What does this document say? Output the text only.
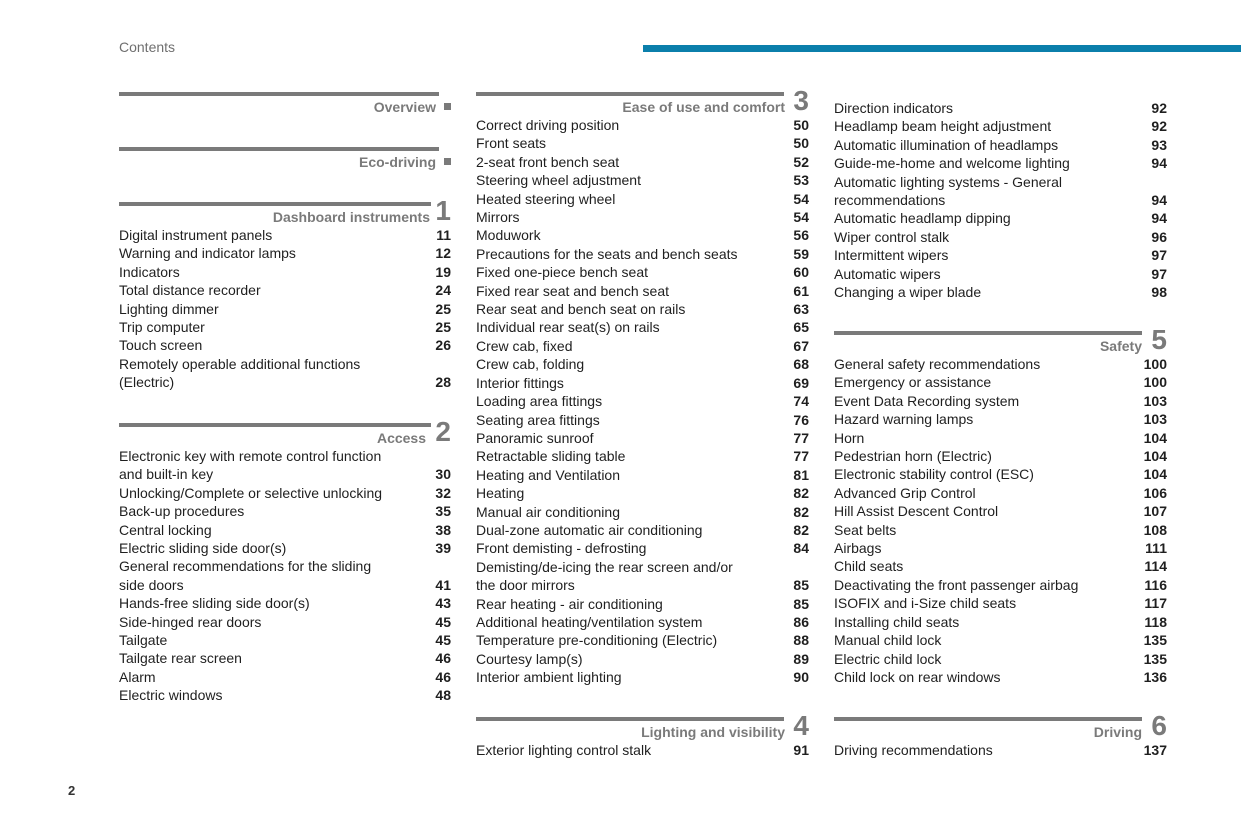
Contents
Overview
Eco-driving
Dashboard instruments 1
Digital instrument panels	11
Warning and indicator lamps	12
Indicators	19
Total distance recorder	24
Lighting dimmer	25
Trip computer	25
Touch screen	26
Remotely operable additional functions
(Electric)	28
Access 2
Electronic key with remote control function
and built-in key	30
Unlocking/Complete or selective unlocking	32
Back-up procedures	35
Central locking	38
Electric sliding side door(s)	39
General recommendations for the sliding
side doors	41
Hands-free sliding side door(s)	43
Side-hinged rear doors	45
Tailgate	45
Tailgate rear screen	46
Alarm	46
Electric windows	48
Ease of use and comfort 3
Correct driving position	50
Front seats	50
2-seat front bench seat	52
Steering wheel adjustment	53
Heated steering wheel	54
Mirrors	54
Moduwork	56
Precautions for the seats and bench seats	59
Fixed one-piece bench seat	60
Fixed rear seat and bench seat	61
Rear seat and bench seat on rails	63
Individual rear seat(s) on rails	65
Crew cab, fixed	67
Crew cab, folding	68
Interior fittings	69
Loading area fittings	74
Seating area fittings	76
Panoramic sunroof	77
Retractable sliding table	77
Heating and Ventilation	81
Heating	82
Manual air conditioning	82
Dual-zone automatic air conditioning	82
Front demisting - defrosting	84
Demisting/de-icing the rear screen and/or
the door mirrors	85
Rear heating - air conditioning	85
Additional heating/ventilation system	86
Temperature pre-conditioning (Electric)	88
Courtesy lamp(s)	89
Interior ambient lighting	90
Lighting and visibility 4
Exterior lighting control stalk	91
Direction indicators	92
Headlamp beam height adjustment	92
Automatic illumination of headlamps	93
Guide-me-home and welcome lighting	94
Automatic lighting systems - General
recommendations	94
Automatic headlamp dipping	94
Wiper control stalk	96
Intermittent wipers	97
Automatic wipers	97
Changing a wiper blade	98
Safety 5
General safety recommendations	100
Emergency or assistance	100
Event Data Recording system	103
Hazard warning lamps	103
Horn	104
Pedestrian horn (Electric)	104
Electronic stability control (ESC)	104
Advanced Grip Control	106
Hill Assist Descent Control	107
Seat belts	108
Airbags	111
Child seats	114
Deactivating the front passenger airbag	116
ISOFIX and i-Size child seats	117
Installing child seats	118
Manual child lock	135
Electric child lock	135
Child lock on rear windows	136
Driving 6
Driving recommendations	137
2
